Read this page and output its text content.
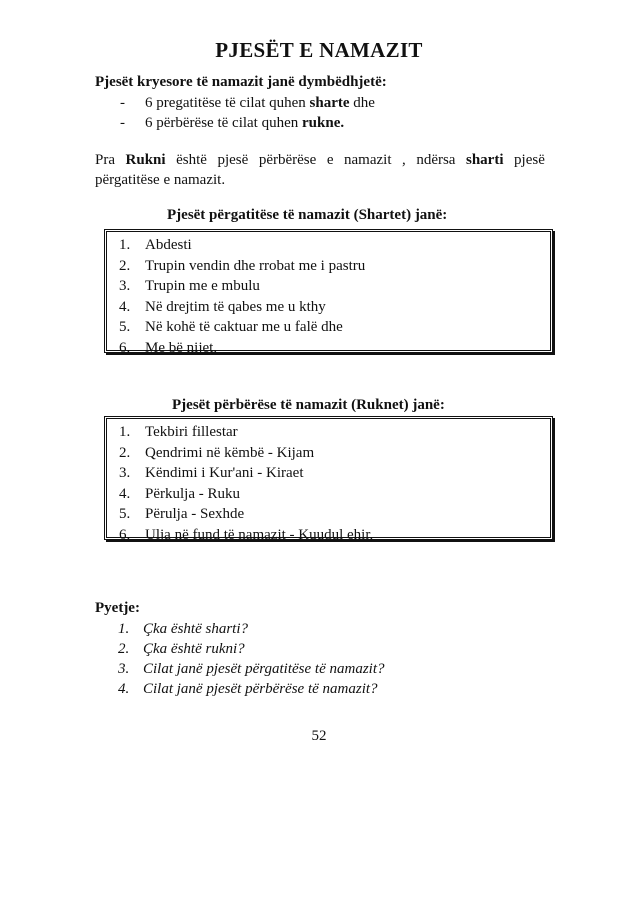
PJESËT E NAMAZIT
Pjesët kryesore të namazit janë dymbëdhjetë:
- 6 pregatitëse të cilat quhen sharte dhe
- 6 përbërëse të cilat quhen rukne.
Pra Rukni është pjesë përbërëse e namazit , ndërsa sharti pjesë
përgatitëse e namazit.
Pjesët përgatitëse të namazit (Shartet) janë:
1. Abdesti
2. Trupin vendin dhe rrobat me i pastru
3. Trupin me e mbulu
4. Në drejtim të qabes me u kthy
5. Në kohë të caktuar me u falë dhe
6. Me bë nijet.
Pjesët përbërëse të namazit (Ruknet) janë:
1. Tekbiri fillestar
2. Qendrimi në këmbë - Kijam
3. Këndimi i Kur'ani - Kiraet
4. Përkulja - Ruku
5. Përulja - Sexhde
6. Ulja në fund të namazit - Kuudul ehir.
Pyetje:
1. Çka është sharti?
2. Çka është rukni?
3. Cilat janë pjesët përgatitëse të namazit?
4. Cilat janë pjesët përbërëse të namazit?
52
